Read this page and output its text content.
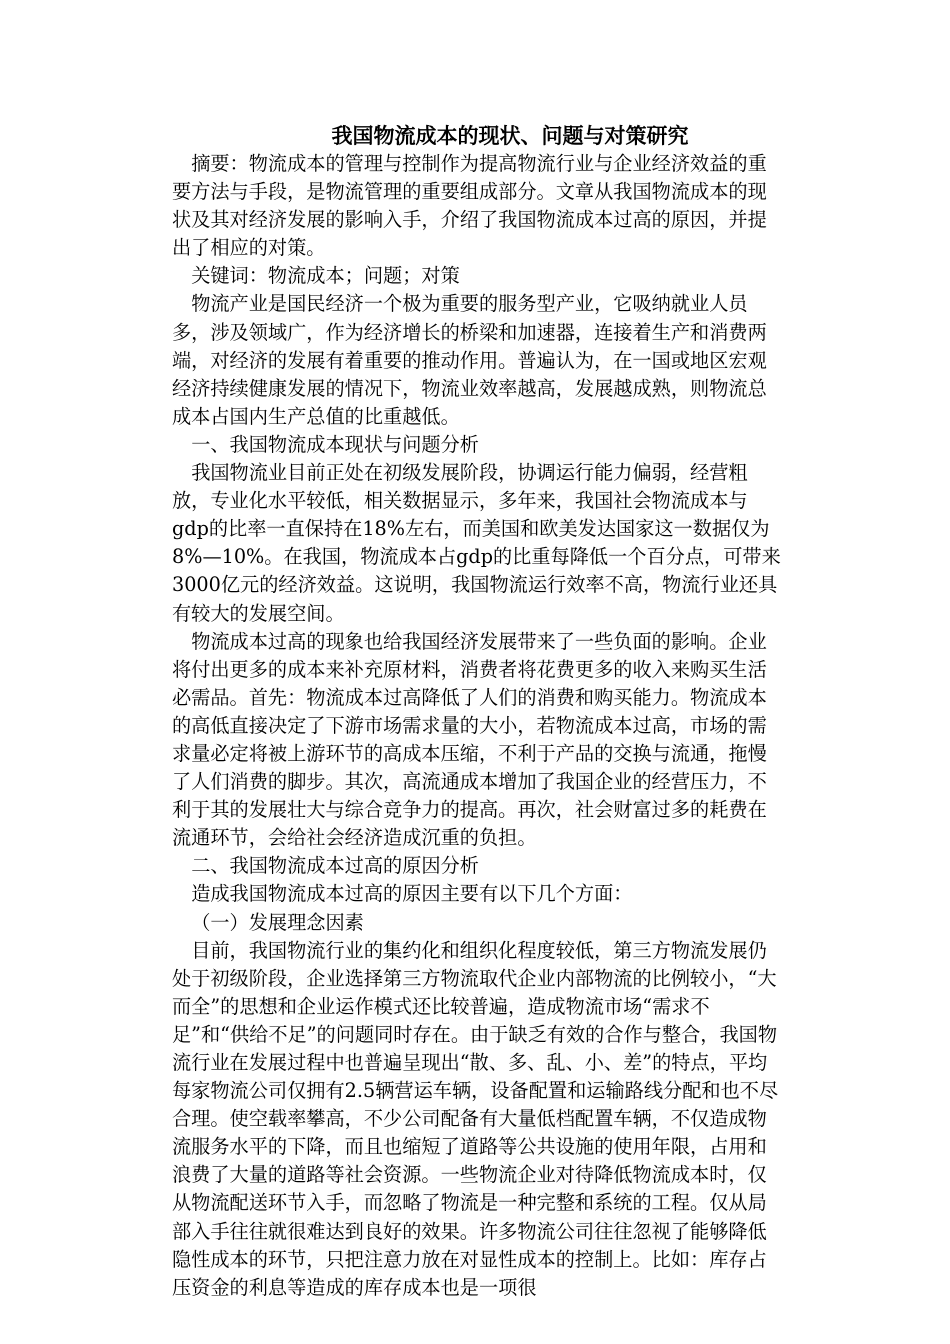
我国物流成本的现状、问题与对策研究

摘要：物流成本的管理与控制作为提高物流行业与企业经济效益的重要方法与手段，是物流管理的重要组成部分。文章从我国物流成本的现状及其对经济发展的影响入手，介绍了我国物流成本过高的原因，并提出了相应的对策。

关键词：物流成本；问题；对策

物流产业是国民经济一个极为重要的服务型产业，它吸纳就业人员多，涉及领域广，作为经济增长的桥梁和加速器，连接着生产和消费两端，对经济的发展有着重要的推动作用。普遍认为，在一国或地区宏观经济持续健康发展的情况下，物流业效率越高，发展越成熟，则物流总成本占国内生产总值的比重越低。

一、我国物流成本现状与问题分析

我国物流业目前正处在初级发展阶段，协调运行能力偏弱，经营粗放，专业化水平较低，相关数据显示，多年来，我国社会物流成本与gdp的比率一直保持在18%左右，而美国和欧美发达国家这一数据仅为8%—10%。在我国，物流成本占gdp的比重每降低一个百分点，可带来3000亿元的经济效益。这说明，我国物流运行效率不高，物流行业还具有较大的发展空间。

物流成本过高的现象也给我国经济发展带来了一些负面的影响。企业将付出更多的成本来补充原材料，消费者将花费更多的收入来购买生活必需品。首先：物流成本过高降低了人们的消费和购买能力。物流成本的高低直接决定了下游市场需求量的大小，若物流成本过高，市场的需求量必定将被上游环节的高成本压缩，不利于产品的交换与流通，拖慢了人们消费的脚步。其次，高流通成本增加了我国企业的经营压力，不利于其的发展壮大与综合竞争力的提高。再次，社会财富过多的耗费在流通环节，会给社会经济造成沉重的负担。

二、我国物流成本过高的原因分析

造成我国物流成本过高的原因主要有以下几个方面：

（一）发展理念因素

目前，我国物流行业的集约化和组织化程度较低，第三方物流发展仍处于初级阶段，企业选择第三方物流取代企业内部物流的比例较小，“大而全”的思想和企业运作模式还比较普遍，造成物流市场“需求不足”和“供给不足”的问题同时存在。由于缺乏有效的合作与整合，我国物流行业在发展过程中也普遍呈现出“散、多、乱、小、差”的特点，平均每家物流公司仅拥有2.5辆营运车辆，设备配置和运输路线分配和也不尽合理。使空载率攀高，不少公司配备有大量低档配置车辆，不仅造成物流服务水平的下降，而且也缩短了道路等公共设施的使用年限，占用和浪费了大量的道路等社会资源。一些物流企业对待降低物流成本时，仅从物流配送环节入手，而忽略了物流是一种完整和系统的工程。仅从局部入手往往就很难达到良好的效果。许多物流公司往往忽视了能够降低隐性成本的环节，只把注意力放在对显性成本的控制上。比如：库存占压资金的利息等造成的库存成本也是一项很
